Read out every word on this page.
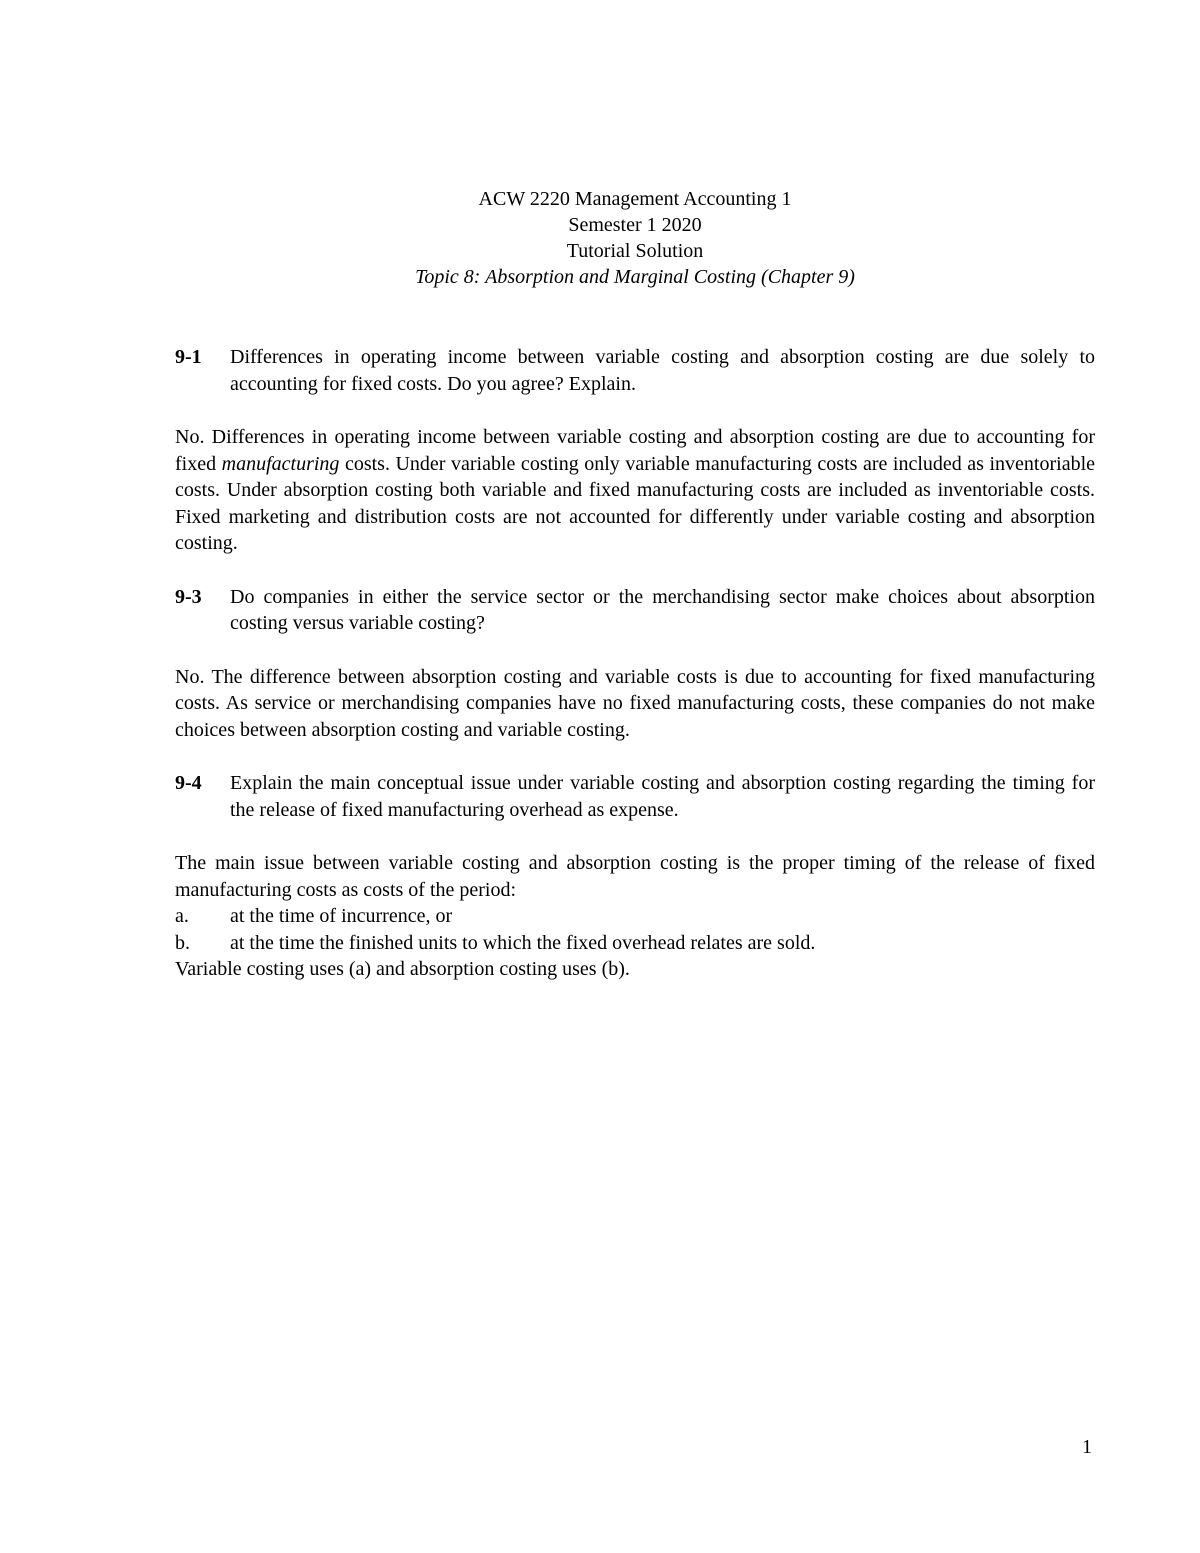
ACW 2220 Management Accounting 1
Semester 1 2020
Tutorial Solution
Topic 8: Absorption and Marginal Costing (Chapter 9)
9-1	Differences in operating income between variable costing and absorption costing are due solely to accounting for fixed costs. Do you agree? Explain.
No. Differences in operating income between variable costing and absorption costing are due to accounting for fixed manufacturing costs. Under variable costing only variable manufacturing costs are included as inventoriable costs. Under absorption costing both variable and fixed manufacturing costs are included as inventoriable costs. Fixed marketing and distribution costs are not accounted for differently under variable costing and absorption costing.
9-3	Do companies in either the service sector or the merchandising sector make choices about absorption costing versus variable costing?
No. The difference between absorption costing and variable costs is due to accounting for fixed manufacturing costs. As service or merchandising companies have no fixed manufacturing costs, these companies do not make choices between absorption costing and variable costing.
9-4	Explain the main conceptual issue under variable costing and absorption costing regarding the timing for the release of fixed manufacturing overhead as expense.
The main issue between variable costing and absorption costing is the proper timing of the release of fixed manufacturing costs as costs of the period:
a.	at the time of incurrence, or
b.	at the time the finished units to which the fixed overhead relates are sold.
Variable costing uses (a) and absorption costing uses (b).
1
